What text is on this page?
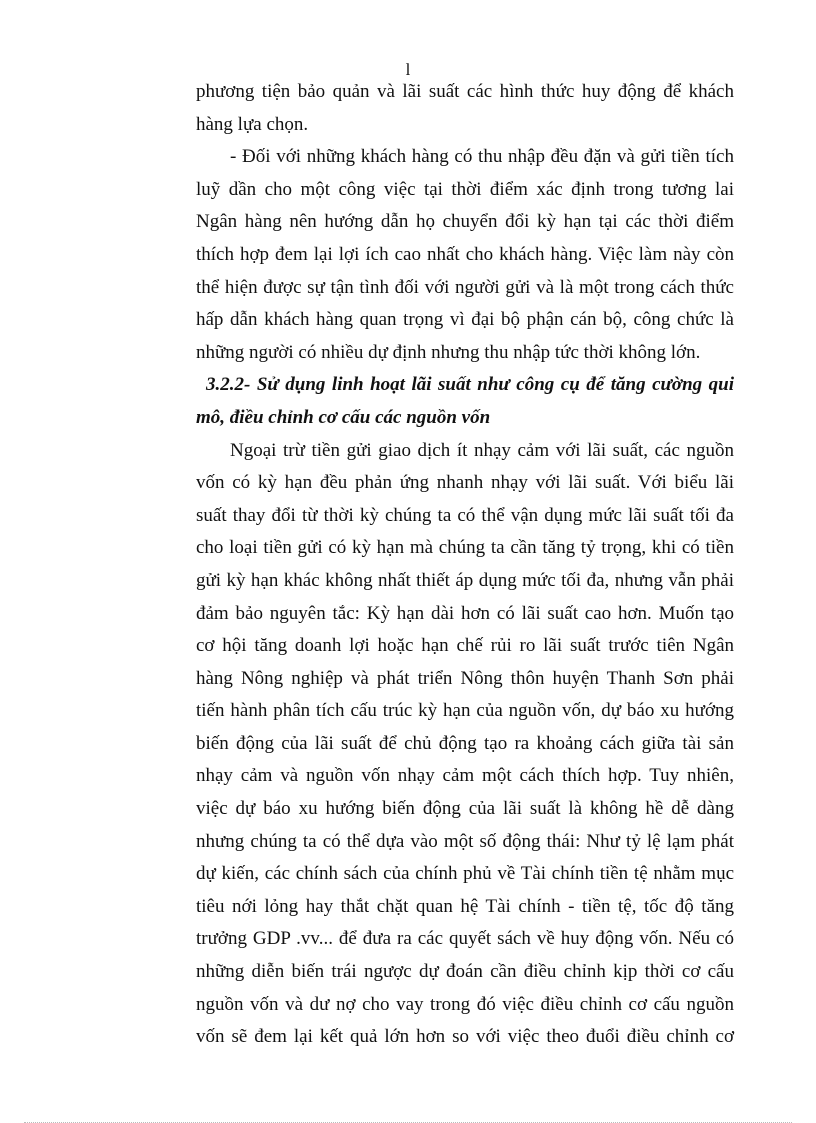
l
phương tiện bảo quản và lãi suất các hình thức huy động để khách
hàng lựa chọn.
- Đối với những khách hàng có thu nhập đều đặn và gửi tiền tích
luỹ dần cho một công việc tại thời điểm xác định trong tương lai
Ngân hàng nên hướng dẫn họ chuyển đổi kỳ hạn tại các thời điểm
thích hợp đem lại lợi ích cao nhất cho khách hàng. Việc làm này còn
thể hiện được sự tận tình đối với người gửi và là một trong cách thức
hấp dẫn khách hàng quan trọng vì đại bộ phận cán bộ, công chức là
những người có nhiều dự định nhưng thu nhập tức thời không lớn.
3.2.2- Sử dụng linh hoạt lãi suất như công cụ để tăng cường qui
mô, điều chỉnh cơ cấu các nguồn vốn
Ngoại trừ tiền gửi giao dịch ít nhạy cảm với lãi suất, các nguồn
vốn có kỳ hạn đều phản ứng nhanh nhạy với lãi suất. Với biểu lãi
suất thay đổi từ thời kỳ chúng ta có thể vận dụng mức lãi suất tối đa
cho loại tiền gửi có kỳ hạn mà chúng ta cần tăng tỷ trọng, khi có tiền
gửi kỳ hạn khác không nhất thiết áp dụng mức tối đa, nhưng vẫn phải
đảm bảo nguyên tắc: Kỳ hạn dài hơn có lãi suất cao hơn. Muốn tạo
cơ hội tăng doanh lợi hoặc hạn chế rủi ro lãi suất trước tiên Ngân
hàng Nông nghiệp và phát triển Nông thôn huyện Thanh Sơn phải
tiến hành phân tích cấu trúc kỳ hạn của nguồn vốn, dự báo xu hướng
biến động của lãi suất để chủ động tạo ra khoảng cách giữa tài sản
nhạy cảm và nguồn vốn nhạy cảm một cách thích hợp. Tuy nhiên,
việc dự báo xu hướng biến động của lãi suất là không hề dễ dàng
nhưng chúng ta có thể dựa vào một số động thái: Như tỷ lệ lạm phát
dự kiến, các chính sách của chính phủ về Tài chính tiền tệ nhằm mục
tiêu nới lỏng hay thắt chặt quan hệ Tài chính - tiền tệ, tốc độ tăng
trưởng GDP .vv... để đưa ra các quyết sách về huy động vốn. Nếu có
những diễn biến trái ngược dự đoán cần điều chỉnh kịp thời cơ cấu
nguồn vốn và dư nợ cho vay trong đó việc điều chỉnh cơ cấu nguồn
vốn sẽ đem lại kết quả lớn hơn so với việc theo đuổi điều chỉnh cơ
